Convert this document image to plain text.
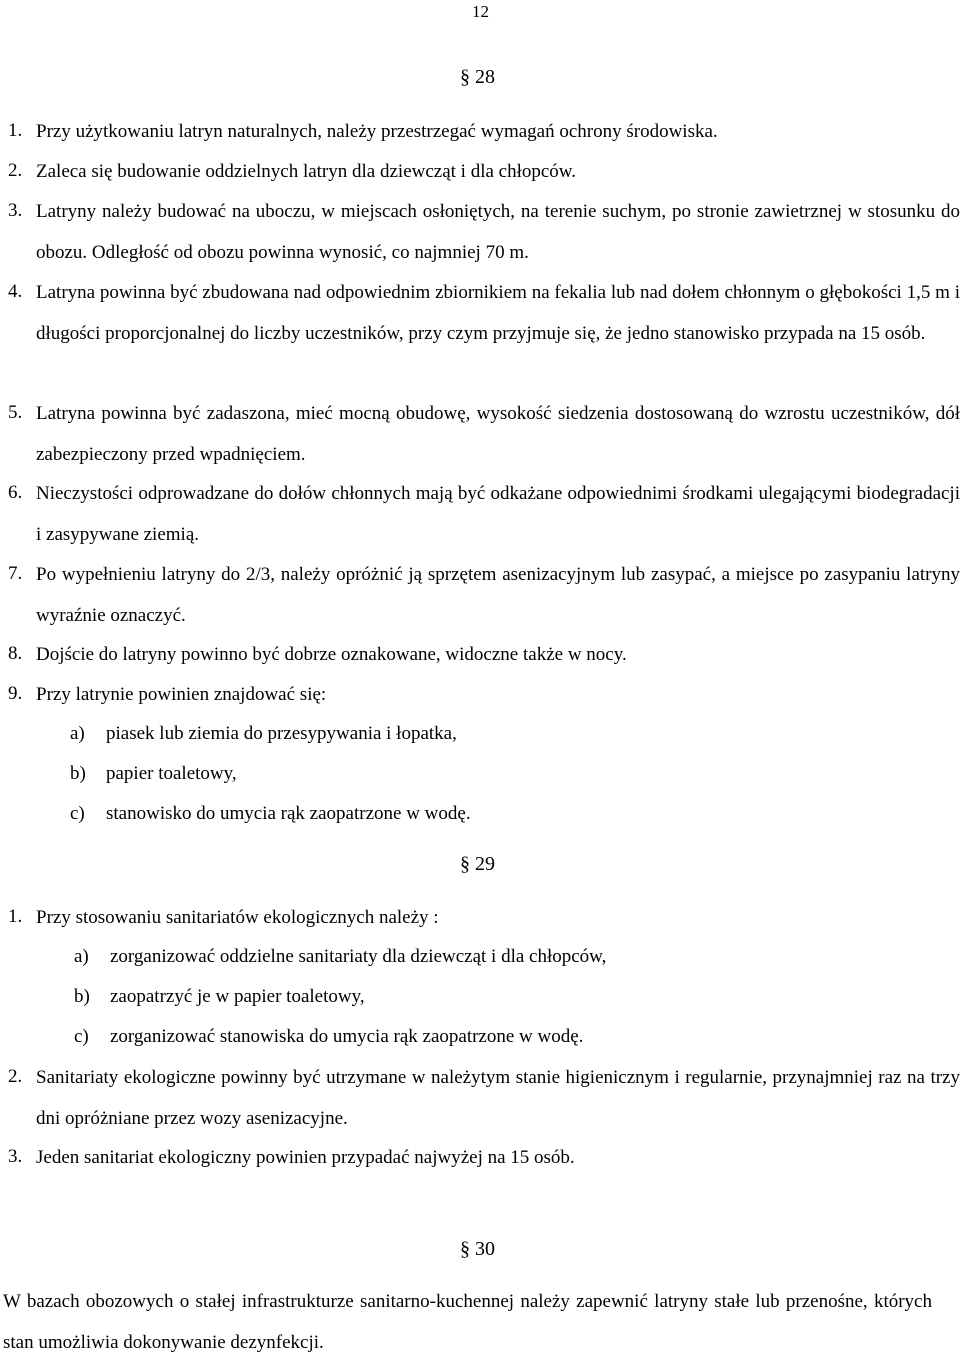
12
§ 28
1. Przy użytkowaniu latryn naturalnych, należy przestrzegać wymagań ochrony środowiska.
2. Zaleca się budowanie oddzielnych latryn dla dziewcząt i dla chłopców.
3. Latryny należy budować na uboczu, w miejscach osłoniętych, na terenie suchym, po stronie zawietrznej w stosunku do obozu. Odległość od obozu powinna wynosić, co najmniej 70 m.
4. Latryna powinna być zbudowana nad odpowiednim zbiornikiem na fekalia lub nad dołem chłonnym o głębokości 1,5 m i długości proporcjonalnej do liczby uczestników, przy czym przyjmuje się, że jedno stanowisko przypada na 15 osób.
5. Latryna powinna być zadaszona, mieć mocną obudowę, wysokość siedzenia dostosowaną do wzrostu uczestników, dół zabezpieczony przed wpadnięciem.
6. Nieczystości odprowadzane do dołów chłonnych mają być odkażane odpowiednimi środkami ulegającymi biodegradacji i zasypywane ziemią.
7. Po wypełnieniu latryny do 2/3, należy opróżnić ją sprzętem asenizacyjnym lub zasypać, a miejsce po zasypaniu latryny wyraźnie oznaczyć.
8. Dojście do latryny powinno być dobrze oznakowane, widoczne także w nocy.
9. Przy latrynie powinien znajdować się:
a) piasek lub ziemia do przesypywania i łopatka,
b) papier toaletowy,
c) stanowisko do umycia rąk zaopatrzone w wodę.
§ 29
1. Przy stosowaniu sanitariatów ekologicznych należy :
a) zorganizować oddzielne sanitariaty dla dziewcząt i dla chłopców,
b) zaopatrzyć je w papier toaletowy,
c) zorganizować stanowiska do umycia rąk zaopatrzone w wodę.
2. Sanitariaty ekologiczne powinny być utrzymane w należytym stanie higienicznym i regularnie, przynajmniej raz na trzy dni opróżniane przez wozy asenizacyjne.
3. Jeden sanitariat ekologiczny powinien przypadać najwyżej na 15 osób.
§ 30
W bazach obozowych o stałej infrastrukturze sanitarno-kuchennej należy zapewnić latryny stałe lub przenośne, których stan umożliwia dokonywanie dezynfekcji.
